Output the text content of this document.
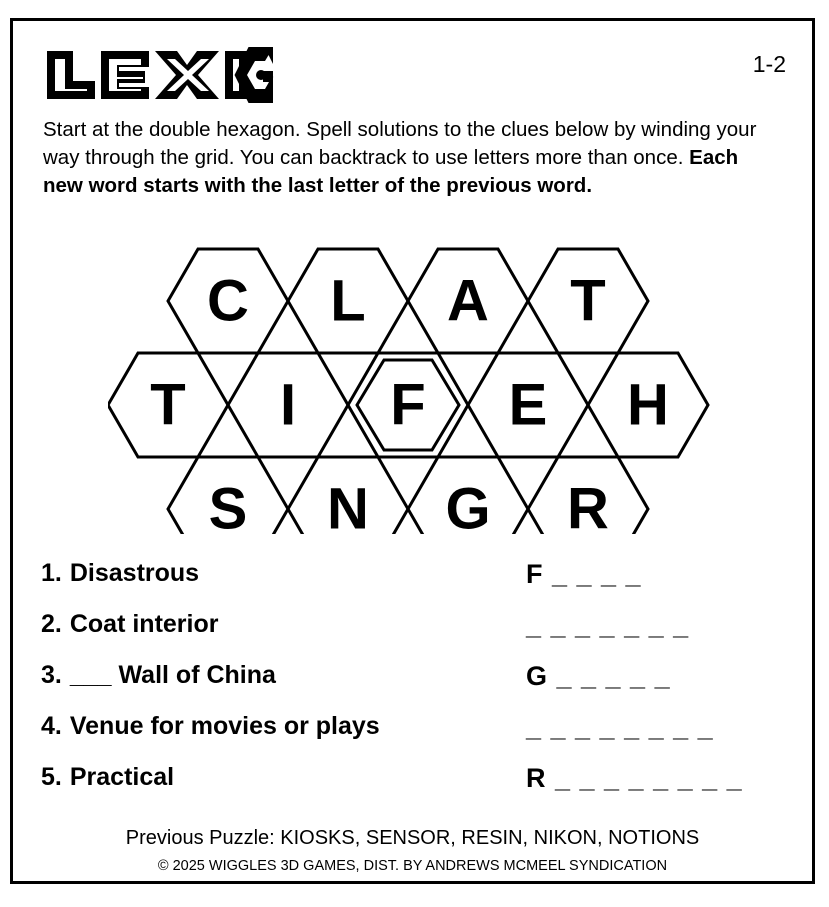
®	1-2
Start at the double hexagon. Spell solutions to the clues below by winding your way through the grid. You can backtrack to use letters more than once. Each new word starts with the last letter of the previous word.
C L A T
T I F E H
S N G R
1. Disastrous	F _ _ _ _
2. Coat interior	_ _ _ _ _ _ _
3. ___ Wall of China	G _ _ _ _ _
4. Venue for movies or plays	_ _ _ _ _ _ _ _
5. Practical	R _ _ _ _ _ _ _ _
Previous Puzzle: KIOSKS, SENSOR, RESIN, NIKON, NOTIONS
© 2025 WIGGLES 3D GAMES, DIST. BY ANDREWS MCMEEL SYNDICATION
